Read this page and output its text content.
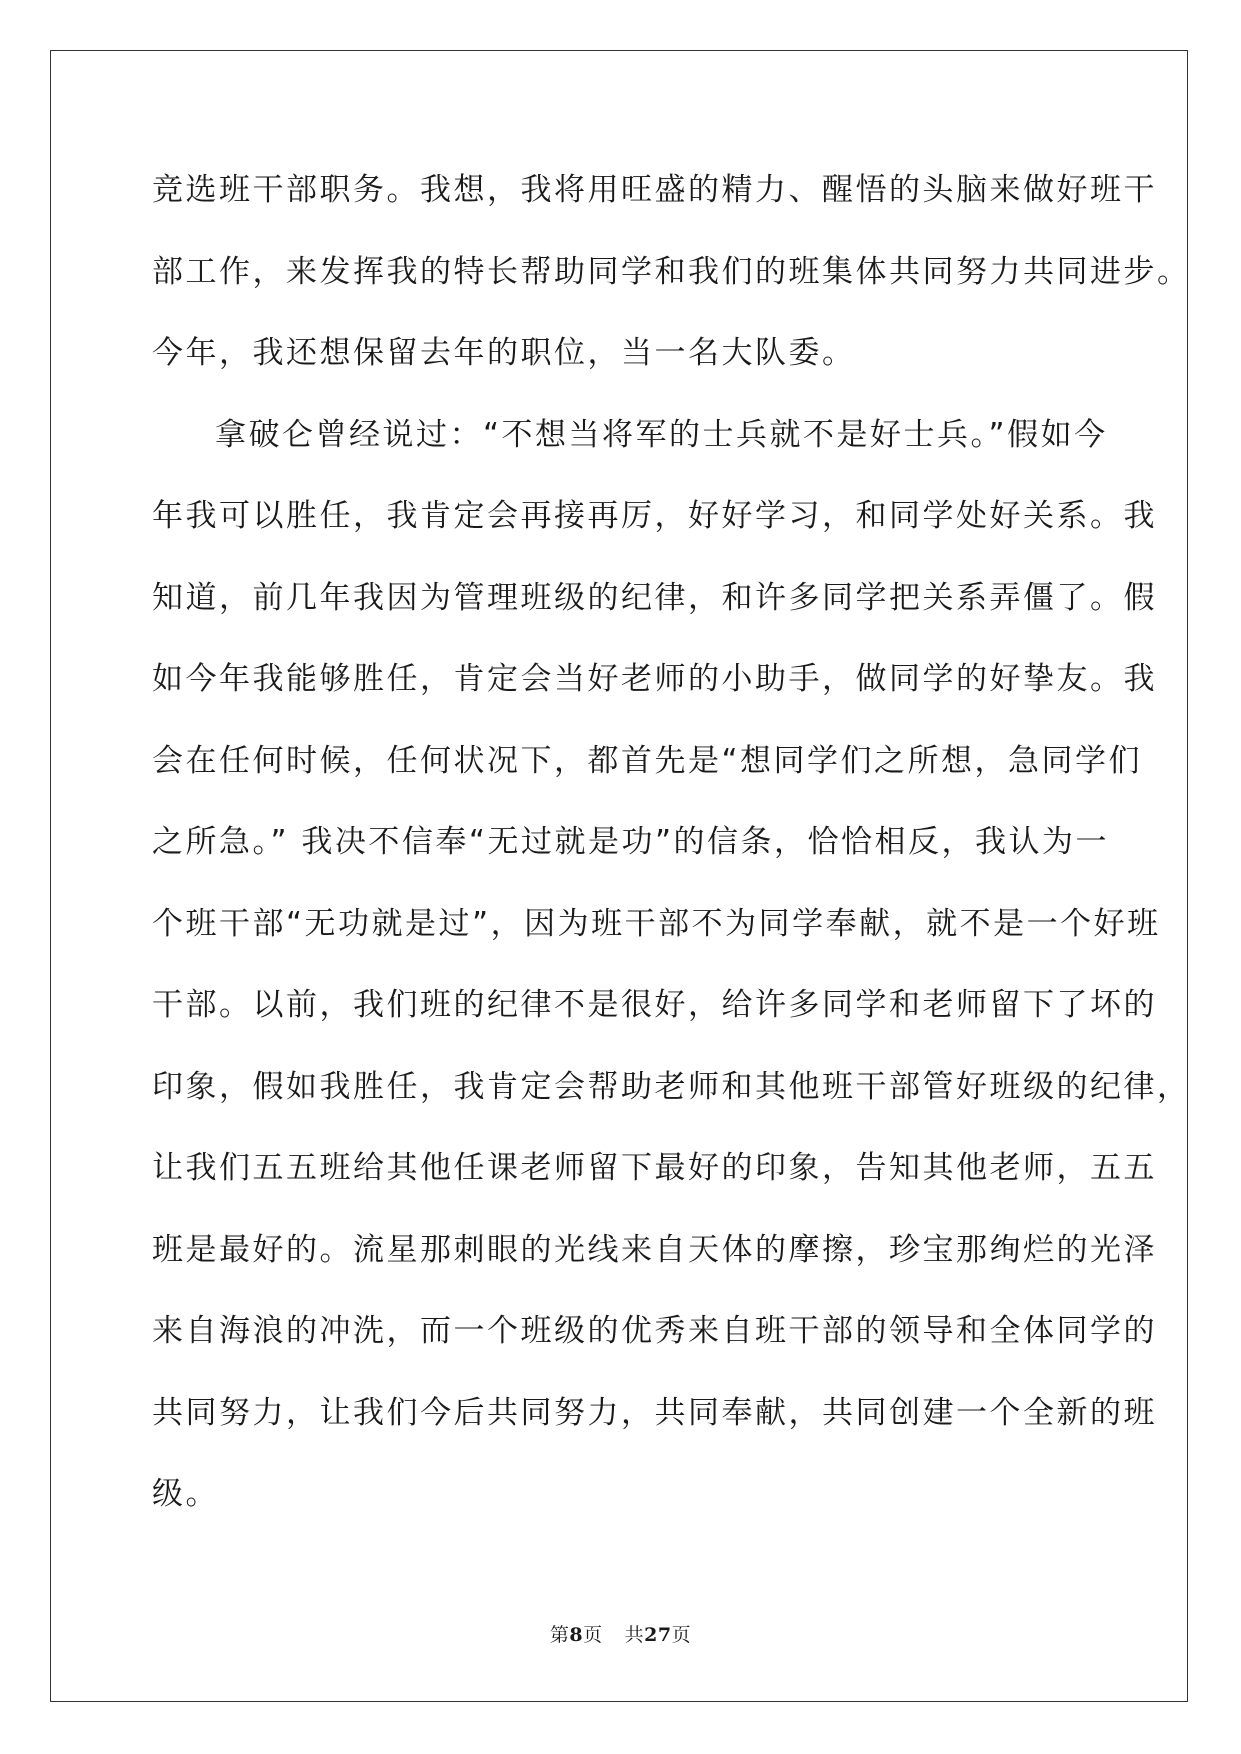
竞选班干部职务。我想，我将用旺盛的精力、醒悟的头脑来做好班干

部工作，来发挥我的特长帮助同学和我们的班集体共同努力共同进步。

今年，我还想保留去年的职位，当一名大队委。

拿破仑曾经说过：“不想当将军的士兵就不是好士兵。”假如今

年我可以胜任，我肯定会再接再厉，好好学习，和同学处好关系。我

知道，前几年我因为管理班级的纪律，和许多同学把关系弄僵了。假

如今年我能够胜任，肯定会当好老师的小助手，做同学的好挚友。我

会在任何时候，任何状况下，都首先是“想同学们之所想，急同学们

之所急。” 我决不信奉“无过就是功”的信条，恰恰相反，我认为一

个班干部“无功就是过”，因为班干部不为同学奉献，就不是一个好班

干部。以前，我们班的纪律不是很好，给许多同学和老师留下了坏的

印象，假如我胜任，我肯定会帮助老师和其他班干部管好班级的纪律，

让我们五五班给其他任课老师留下最好的印象，告知其他老师，五五

班是最好的。流星那刺眼的光线来自天体的摩擦，珍宝那绚烂的光泽

来自海浪的冲洗，而一个班级的优秀来自班干部的领导和全体同学的

共同努力，让我们今后共同努力，共同奉献，共同创建一个全新的班

级。

第8页 共27页
